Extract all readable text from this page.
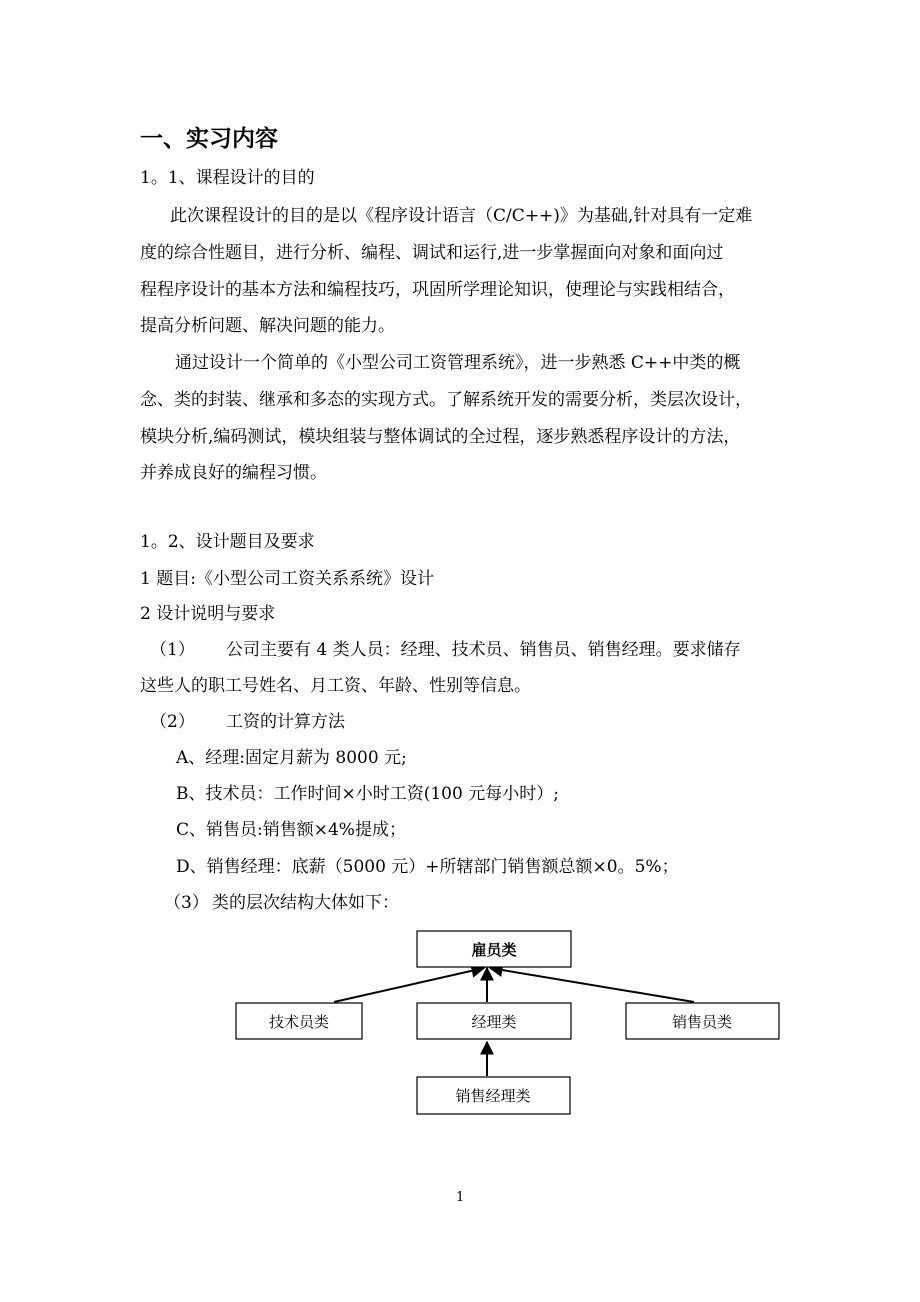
一、实习内容
1。1、课程设计的目的
此次课程设计的目的是以《程序设计语言（C/C++)》为基础,针对具有一定难
度的综合性题目，进行分析、编程、调试和运行,进一步掌握面向对象和面向过
程程序设计的基本方法和编程技巧，巩固所学理论知识，使理论与实践相结合，
提高分析问题、解决问题的能力。
通过设计一个简单的《小型公司工资管理系统》，进一步熟悉 C++中类的概
念、类的封装、继承和多态的实现方式。了解系统开发的需要分析，类层次设计，
模块分析,编码测试，模块组装与整体调试的全过程，逐步熟悉程序设计的方法，
并养成良好的编程习惯。
1。2、设计题目及要求
1 题目:《小型公司工资关系系统》设计
2 设计说明与要求
（1） 公司主要有 4 类人员：经理、技术员、销售员、销售经理。要求储存
这些人的职工号姓名、月工资、年龄、性别等信息。
（2） 工资的计算方法
A、经理:固定月薪为 8000 元;
B、技术员：工作时间×小时工资(100 元每小时）;
C、销售员:销售额×4%提成；
D、销售经理：底薪（5000 元）+所辖部门销售额总额×0。5%；
（3） 类的层次结构大体如下：
雇员类
技术员类	经理类	销售员类
销售经理类
1
